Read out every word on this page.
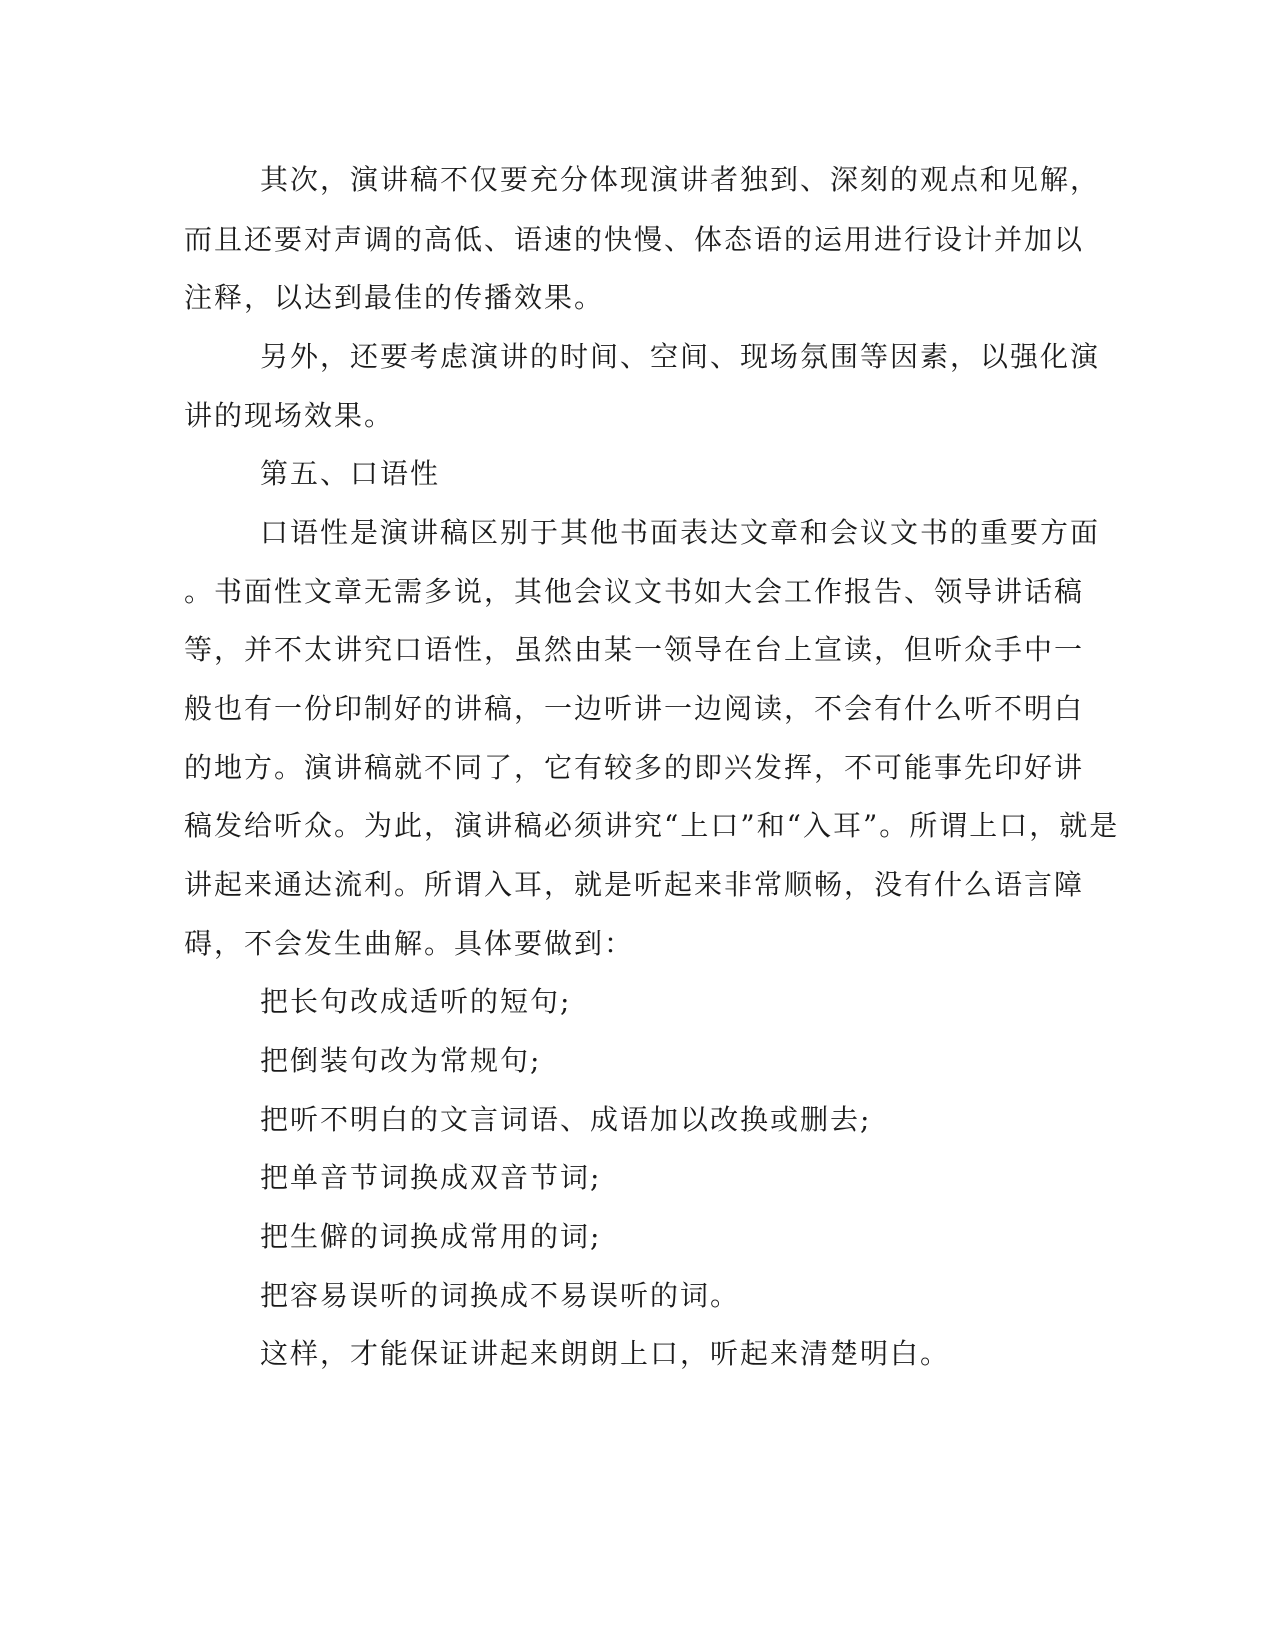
其次，演讲稿不仅要充分体现演讲者独到、深刻的观点和见解，
而且还要对声调的高低、语速的快慢、体态语的运用进行设计并加以
注释，以达到最佳的传播效果。
另外，还要考虑演讲的时间、空间、现场氛围等因素，以强化演
讲的现场效果。
第五、口语性
口语性是演讲稿区别于其他书面表达文章和会议文书的重要方面
。书面性文章无需多说，其他会议文书如大会工作报告、领导讲话稿
等，并不太讲究口语性，虽然由某一领导在台上宣读，但听众手中一
般也有一份印制好的讲稿，一边听讲一边阅读，不会有什么听不明白
的地方。演讲稿就不同了，它有较多的即兴发挥，不可能事先印好讲
稿发给听众。为此，演讲稿必须讲究“上口”和“入耳”。所谓上口，就是
讲起来通达流利。所谓入耳，就是听起来非常顺畅，没有什么语言障
碍，不会发生曲解。具体要做到：
把长句改成适听的短句;
把倒装句改为常规句;
把听不明白的文言词语、成语加以改换或删去;
把单音节词换成双音节词;
把生僻的词换成常用的词;
把容易误听的词换成不易误听的词。
这样，才能保证讲起来朗朗上口，听起来清楚明白。
